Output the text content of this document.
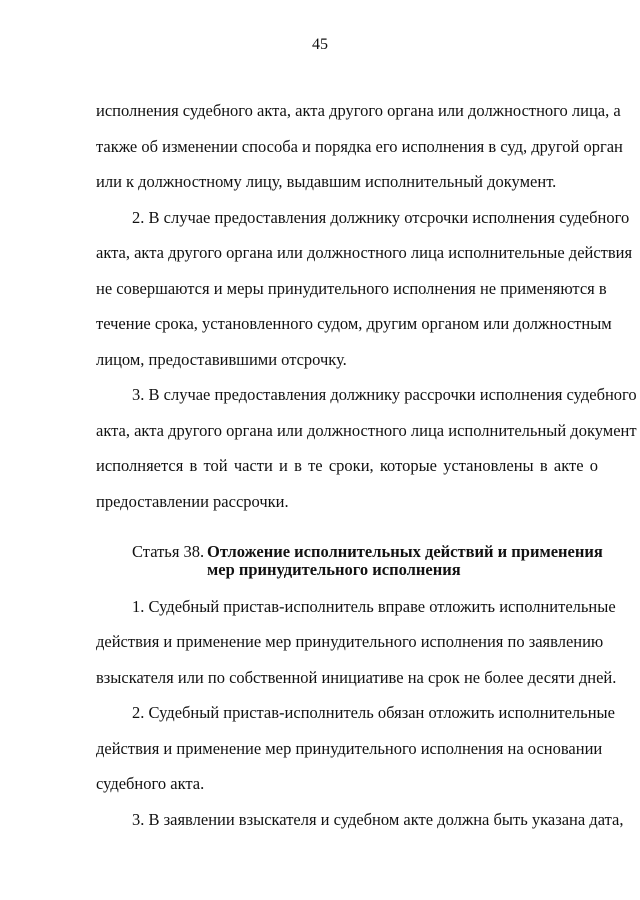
45
исполнения судебного акта, акта другого органа или должностного лица, а
также об изменении способа и порядка его исполнения в суд, другой орган
или к должностному лицу, выдавшим исполнительный документ.
2. В случае предоставления должнику отсрочки исполнения судебного
акта, акта другого органа или должностного лица исполнительные действия
не совершаются и меры принудительного исполнения не применяются в
течение срока, установленного судом, другим органом или должностным
лицом, предоставившими отсрочку.
3. В случае предоставления должнику рассрочки исполнения судебного
акта, акта другого органа или должностного лица исполнительный документ
исполняется в той части и в те сроки, которые установлены в акте о
предоставлении рассрочки.
Статья 38. Отложение исполнительных действий и применения
мер принудительного исполнения
1. Судебный пристав-исполнитель вправе отложить исполнительные
действия и применение мер принудительного исполнения по заявлению
взыскателя или по собственной инициативе на срок не более десяти дней.
2. Судебный пристав-исполнитель обязан отложить исполнительные
действия и применение мер принудительного исполнения на основании
судебного акта.
3. В заявлении взыскателя и судебном акте должна быть указана дата,
